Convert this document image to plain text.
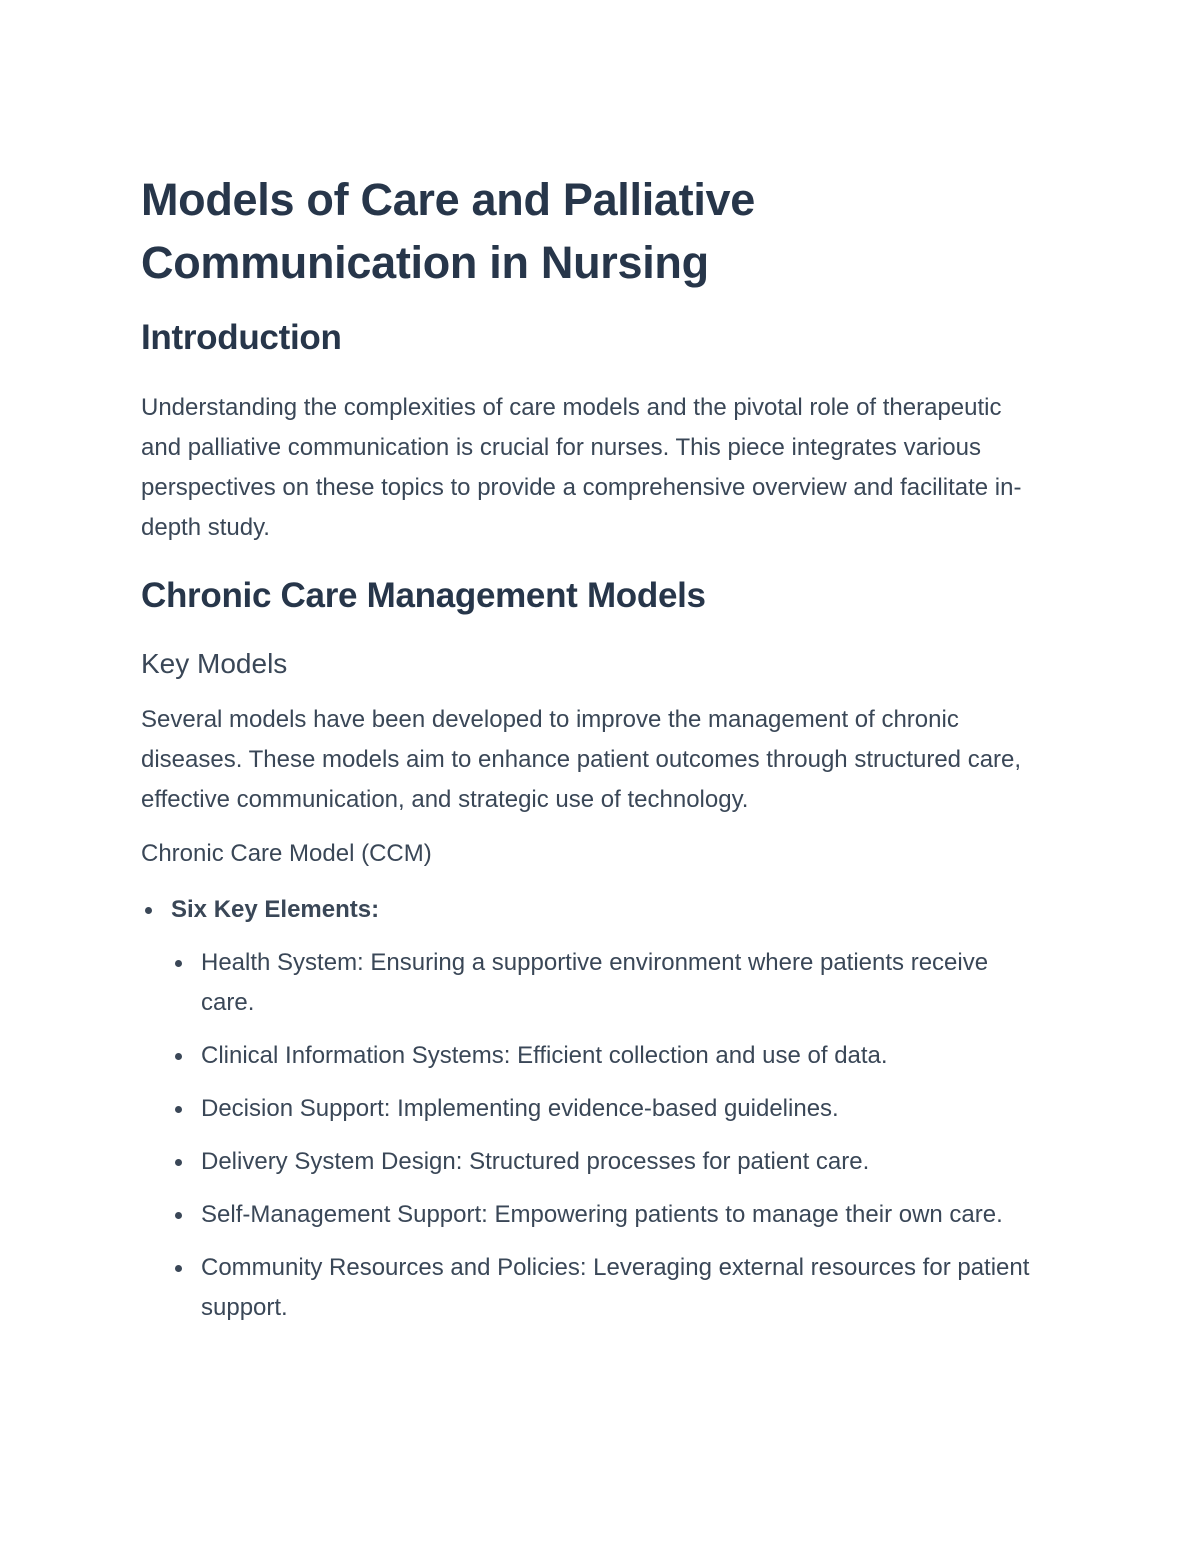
Models of Care and Palliative Communication in Nursing
Introduction

Understanding the complexities of care models and the pivotal role of therapeutic and palliative communication is crucial for nurses. This piece integrates various perspectives on these topics to provide a comprehensive overview and facilitate in-depth study.

Chronic Care Management Models
Key Models

Several models have been developed to improve the management of chronic diseases. These models aim to enhance patient outcomes through structured care, effective communication, and strategic use of technology.

Chronic Care Model (CCM)
Six Key Elements:
Health System: Ensuring a supportive environment where patients receive care.
Clinical Information Systems: Efficient collection and use of data.
Decision Support: Implementing evidence-based guidelines.
Delivery System Design: Structured processes for patient care.
Self-Management Support: Empowering patients to manage their own care.
Community Resources and Policies: Leveraging external resources for patient support.
